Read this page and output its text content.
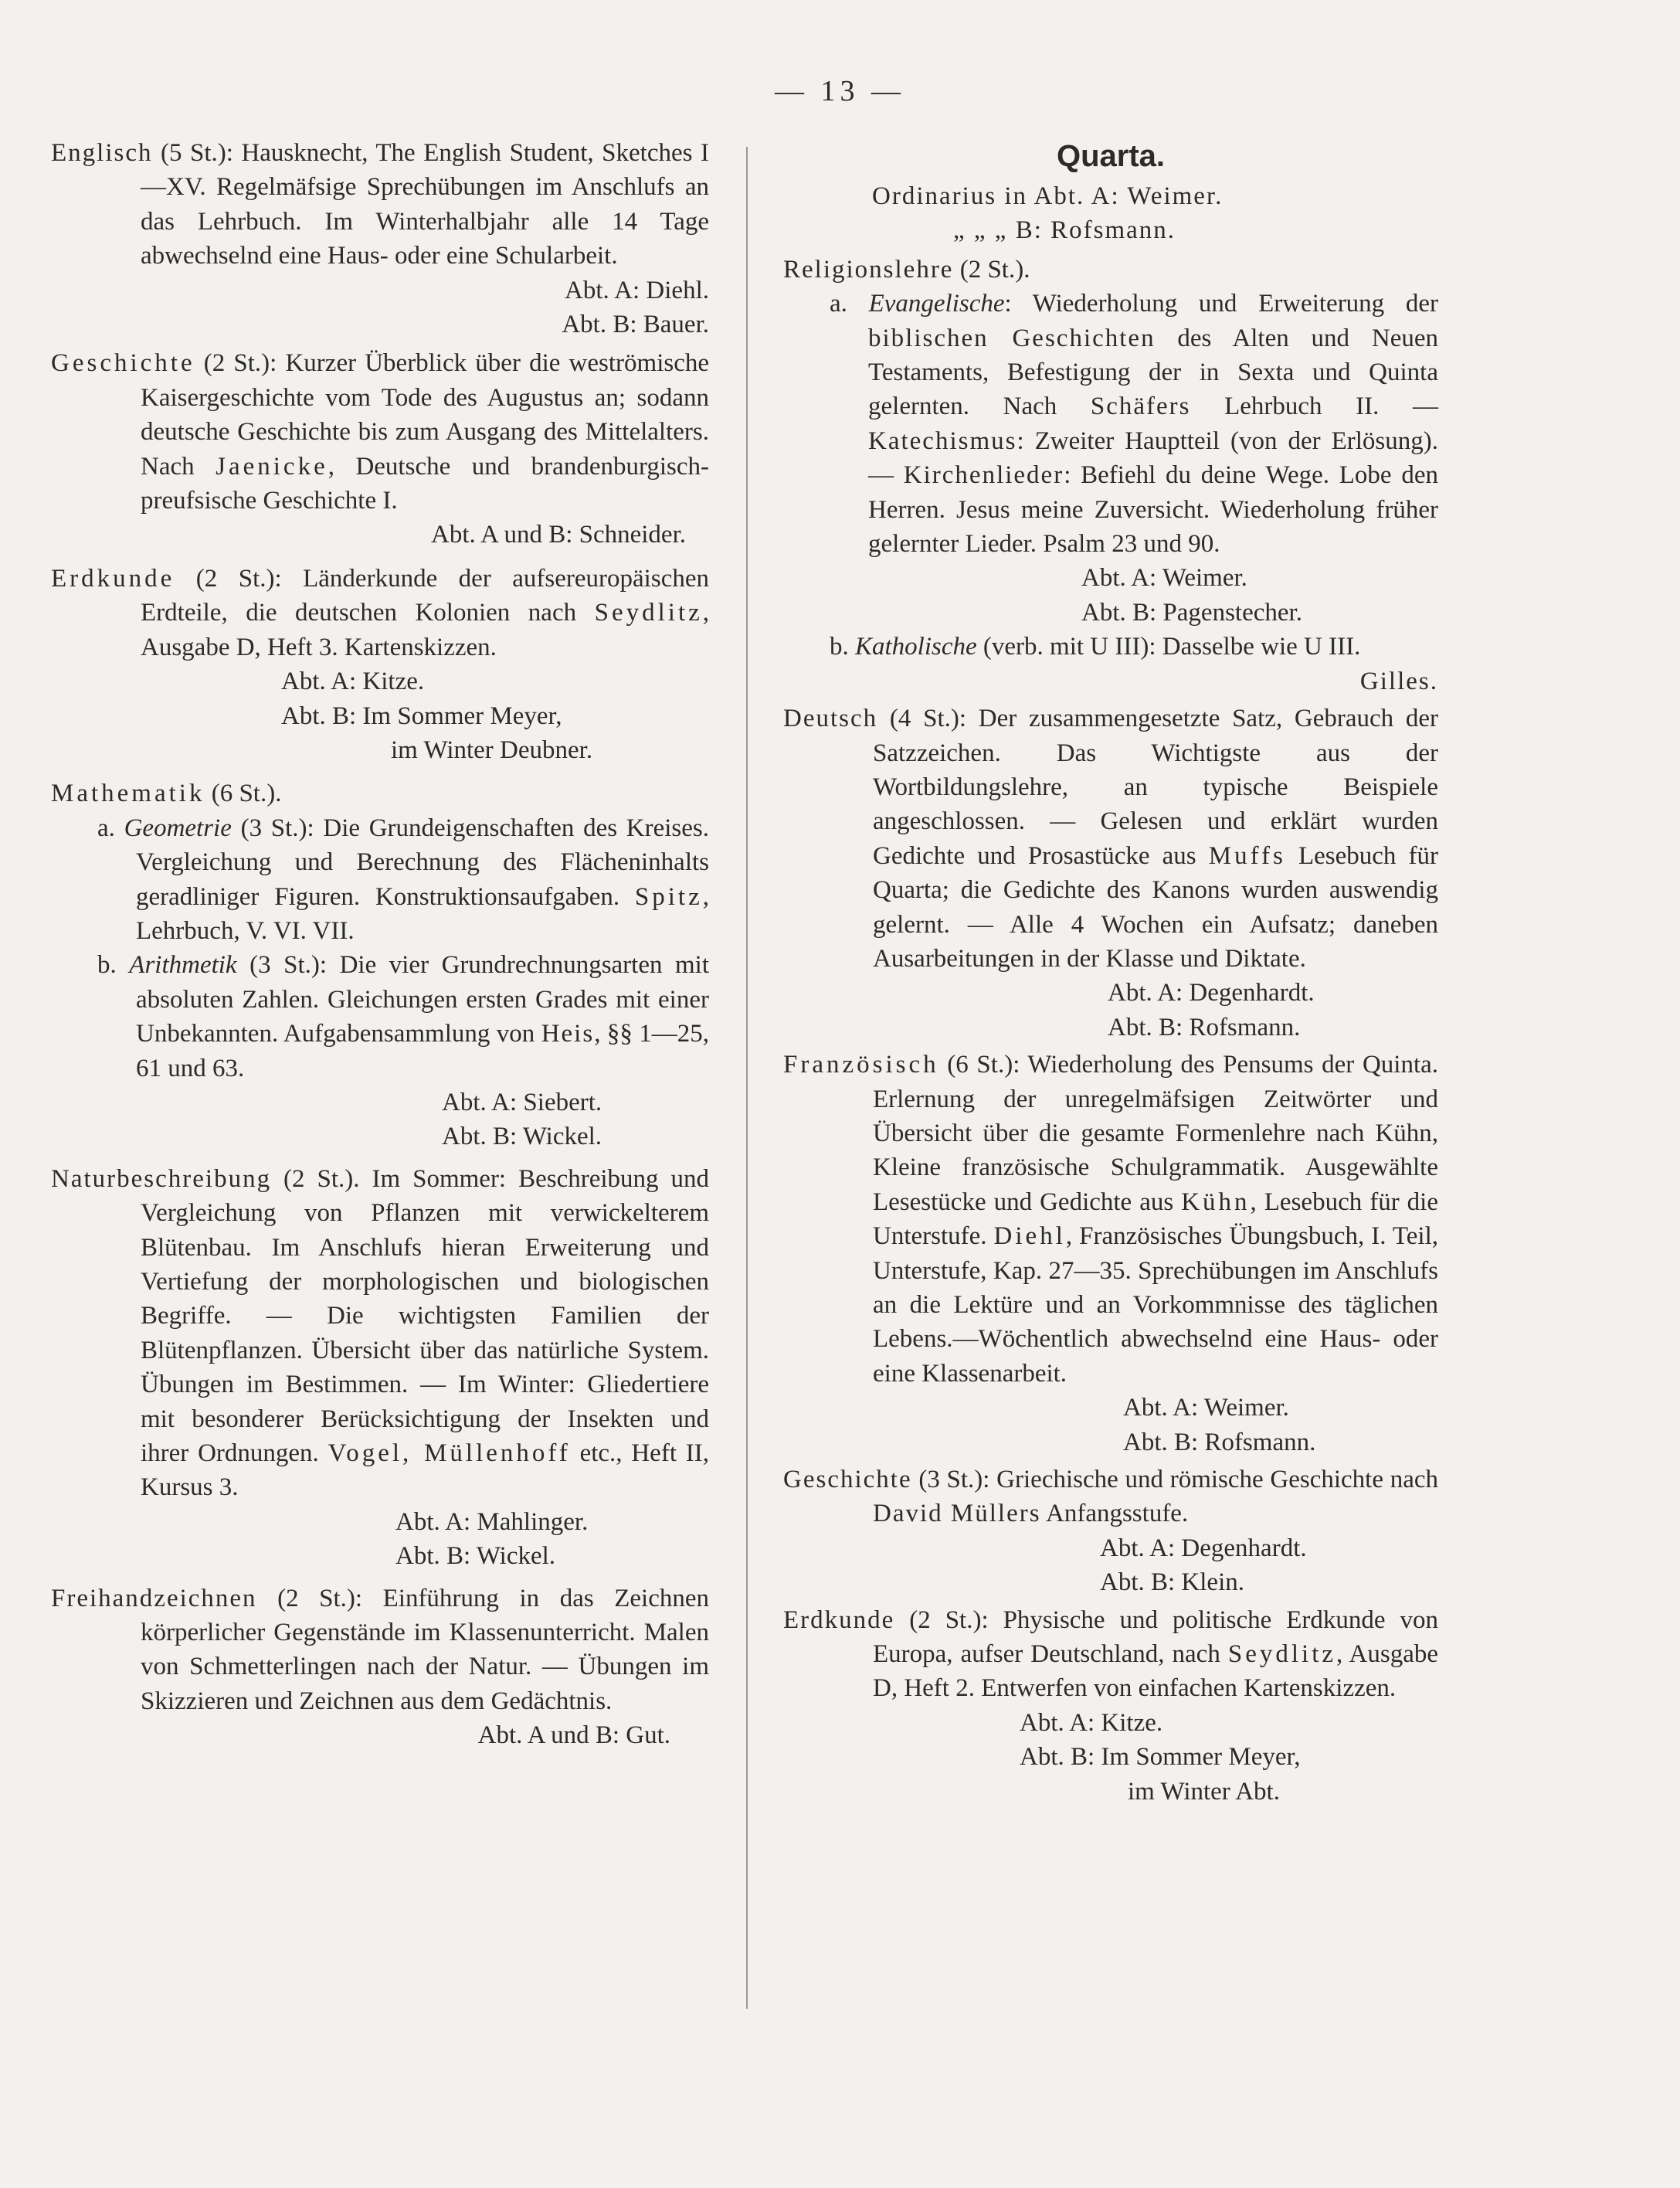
— 13 —

Englisch (5 St.): Hausknecht, The English Student, Sketches I—XV. Regelmäfsige Sprechübungen im Anschlufs an das Lehrbuch. Im Winterhalbjahr alle 14 Tage abwechselnd eine Haus- oder eine Schularbeit.

Abt. A: Diehl.

Abt. B: Bauer.

Geschichte (2 St.): Kurzer Überblick über die weströmische Kaisergeschichte vom Tode des Augustus an; sodann deutsche Geschichte bis zum Ausgang des Mittelalters. Nach Jaenicke, Deutsche und brandenburgisch-preufsische Geschichte I.

Abt. A und B: Schneider.

Erdkunde (2 St.): Länderkunde der aufsereuropäischen Erdteile, die deutschen Kolonien nach Seydlitz, Ausgabe D, Heft 3. Kartenskizzen.

Abt. A: Kitze.

Abt. B: Im Sommer Meyer,

im Winter Deubner.

Mathematik (6 St.).

a. Geometrie (3 St.): Die Grundeigenschaften des Kreises. Vergleichung und Berechnung des Flächeninhalts geradliniger Figuren. Konstruktionsaufgaben. Spitz, Lehrbuch, V. VI. VII.

b. Arithmetik (3 St.): Die vier Grundrechnungsarten mit absoluten Zahlen. Gleichungen ersten Grades mit einer Unbekannten. Aufgabensammlung von Heis, §§ 1—25, 61 und 63.

Abt. A: Siebert.

Abt. B: Wickel.

Naturbeschreibung (2 St.). Im Sommer: Beschreibung und Vergleichung von Pflanzen mit verwickelterem Blütenbau. Im Anschlufs hieran Erweiterung und Vertiefung der morphologischen und biologischen Begriffe. — Die wichtigsten Familien der Blütenpflanzen. Übersicht über das natürliche System. Übungen im Bestimmen. — Im Winter: Gliedertiere mit besonderer Berücksichtigung der Insekten und ihrer Ordnungen. Vogel, Müllenhoff etc., Heft II, Kursus 3.

Abt. A: Mahlinger.

Abt. B: Wickel.

Freihandzeichnen (2 St.): Einführung in das Zeichnen körperlicher Gegenstände im Klassenunterricht. Malen von Schmetterlingen nach der Natur. — Übungen im Skizzieren und Zeichnen aus dem Gedächtnis.

Abt. A und B: Gut.

Quarta.

Ordinarius in Abt. A: Weimer.

„ „ „ B: Rofsmann.

Religionslehre (2 St.).

a. Evangelische: Wiederholung und Erweiterung der biblischen Geschichten des Alten und Neuen Testaments, Befestigung der in Sexta und Quinta gelernten. Nach Schäfers Lehrbuch II. — Katechismus: Zweiter Hauptteil (von der Erlösung). — Kirchenlieder: Befiehl du deine Wege. Lobe den Herren. Jesus meine Zuversicht. Wiederholung früher gelernter Lieder. Psalm 23 und 90.

Abt. A: Weimer.

Abt. B: Pagenstecher.

b. Katholische (verb. mit U III): Dasselbe wie U III.

Gilles.

Deutsch (4 St.): Der zusammengesetzte Satz, Gebrauch der Satzzeichen. Das Wichtigste aus der Wortbildungslehre, an typische Beispiele angeschlossen. — Gelesen und erklärt wurden Gedichte und Prosastücke aus Muffs Lesebuch für Quarta; die Gedichte des Kanons wurden auswendig gelernt. — Alle 4 Wochen ein Aufsatz; daneben Ausarbeitungen in der Klasse und Diktate.

Abt. A: Degenhardt.

Abt. B: Rofsmann.

Französisch (6 St.): Wiederholung des Pensums der Quinta. Erlernung der unregelmäfsigen Zeitwörter und Übersicht über die gesamte Formenlehre nach Kühn, Kleine französische Schulgrammatik. Ausgewählte Lesestücke und Gedichte aus Kühn, Lesebuch für die Unterstufe. Diehl, Französisches Übungsbuch, I. Teil, Unterstufe, Kap. 27—35. Sprechübungen im Anschlufs an die Lektüre und an Vorkommnisse des täglichen Lebens.—Wöchentlich abwechselnd eine Haus- oder eine Klassenarbeit.

Abt. A: Weimer.

Abt. B: Rofsmann.

Geschichte (3 St.): Griechische und römische Geschichte nach David Müllers Anfangsstufe.

Abt. A: Degenhardt.

Abt. B: Klein.

Erdkunde (2 St.): Physische und politische Erdkunde von Europa, aufser Deutschland, nach Seydlitz, Ausgabe D, Heft 2. Entwerfen von einfachen Kartenskizzen.

Abt. A: Kitze.

Abt. B: Im Sommer Meyer,

im Winter Abt.
